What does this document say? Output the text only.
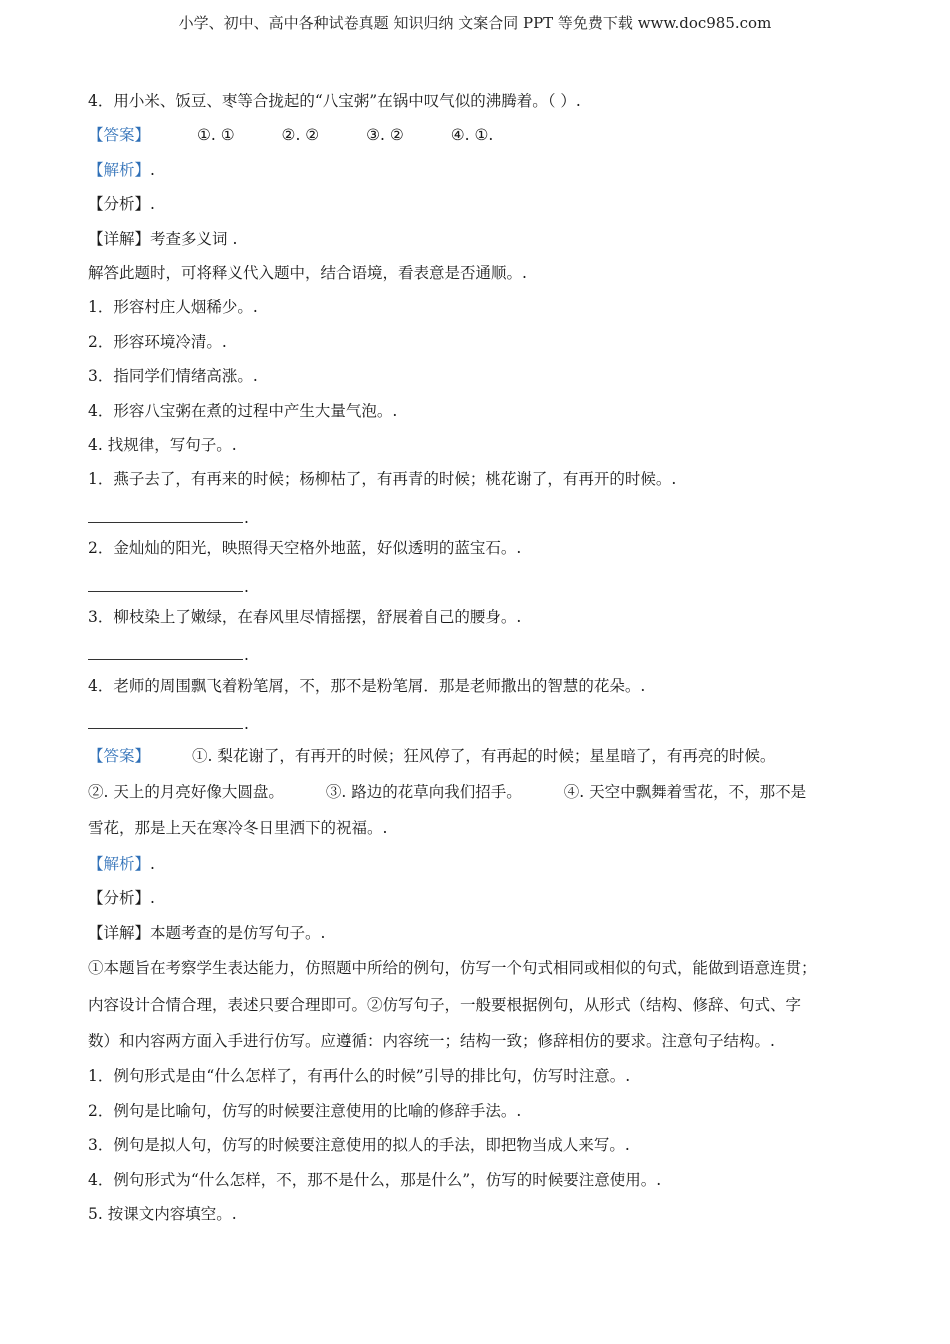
小学、初中、高中各种试卷真题 知识归纳 文案合同 PPT 等免费下载 www.doc985.com
4．用小米、饭豆、枣等合拢起的“八宝粥”在锅中叹气似的沸腾着。（ ）.
【答案】	①. ①	②. ②	③. ②	④. ①.
【解析】.
【分析】.
【详解】考查多义词 .
解答此题时，可将释义代入题中，结合语境，看表意是否通顺。.
1．形容村庄人烟稀少。.
2．形容环境冷清。.
3．指同学们情绪高涨。.
4．形容八宝粥在煮的过程中产生大量气泡。.
4. 找规律，写句子。.
1．燕子去了，有再来的时候；杨柳枯了，有再青的时候；桃花谢了，有再开的时候。.
.
2．金灿灿的阳光，映照得天空格外地蓝，好似透明的蓝宝石。.
.
3．柳枝染上了嫩绿，在春风里尽情摇摆，舒展着自己的腰身。.
.
4．老师的周围飘飞着粉笔屑，不，那不是粉笔屑．那是老师撒出的智慧的花朵。.
.
【答案】	①. 梨花谢了，有再开的时候；狂风停了，有再起的时候；星星暗了，有再亮的时候。
②. 天上的月亮好像大圆盘。	③. 路边的花草向我们招手。	④. 天空中飘舞着雪花，不，那不是
雪花，那是上天在寒冷冬日里洒下的祝福。.
【解析】.
【分析】.
【详解】本题考查的是仿写句子。.
①本题旨在考察学生表达能力，仿照题中所给的例句，仿写一个句式相同或相似的句式，能做到语意连贯；
内容设计合情合理，表述只要合理即可。②仿写句子，一般要根据例句，从形式（结构、修辞、句式、字
数）和内容两方面入手进行仿写。应遵循：内容统一；结构一致；修辞相仿的要求。注意句子结构。.
1．例句形式是由“什么怎样了，有再什么的时候”引导的排比句，仿写时注意。.
2．例句是比喻句，仿写的时候要注意使用的比喻的修辞手法。.
3．例句是拟人句，仿写的时候要注意使用的拟人的手法，即把物当成人来写。.
4．例句形式为“什么怎样，不，那不是什么，那是什么”，仿写的时候要注意使用。.
5. 按课文内容填空。.
